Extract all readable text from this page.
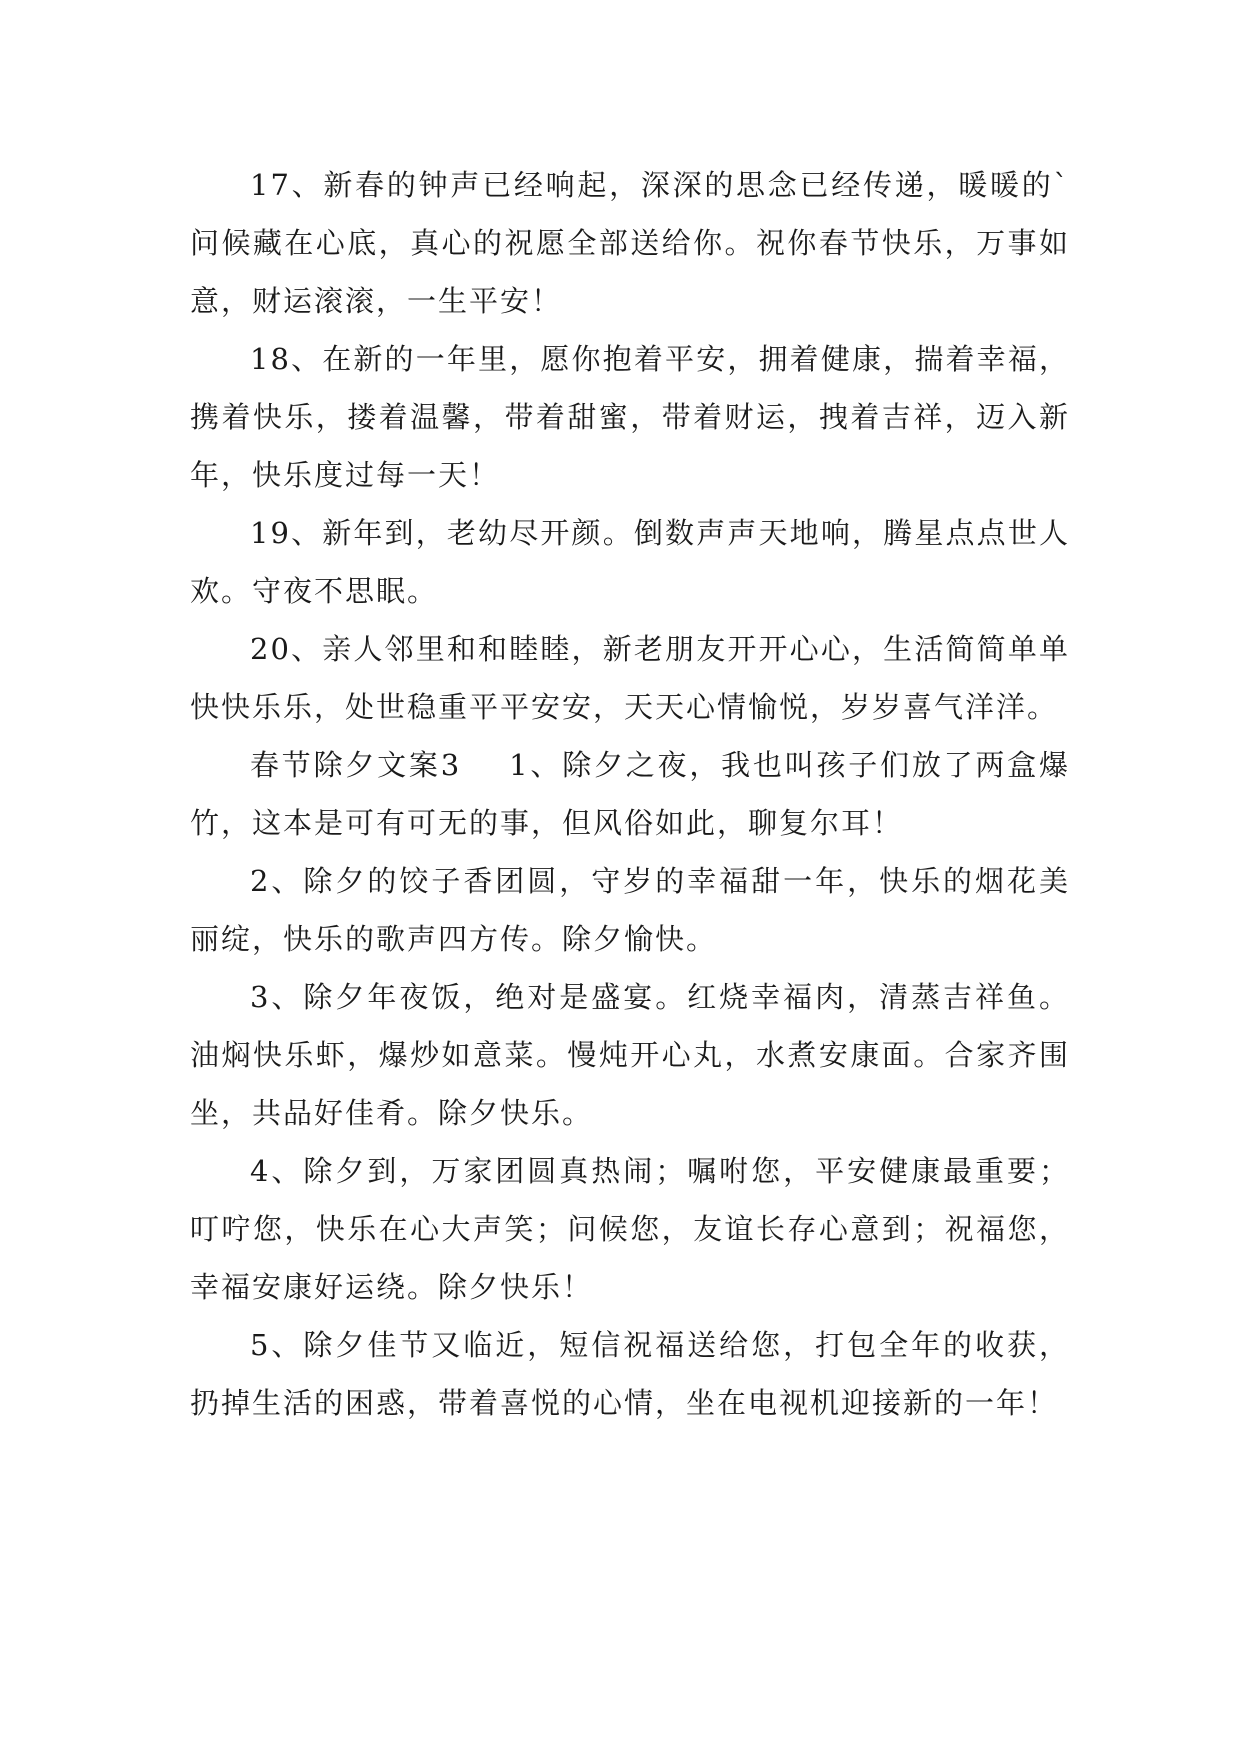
17、新春的钟声已经响起，深深的思念已经传递，暖暖的`问候藏在心底，真心的祝愿全部送给你。祝你春节快乐，万事如意，财运滚滚，一生平安！

18、在新的一年里，愿你抱着平安，拥着健康，揣着幸福，携着快乐，搂着温馨，带着甜蜜，带着财运，拽着吉祥，迈入新年，快乐度过每一天！

19、新年到，老幼尽开颜。倒数声声天地响，腾星点点世人欢。守夜不思眠。

20、亲人邻里和和睦睦，新老朋友开开心心，生活简简单单快快乐乐，处世稳重平平安安，天天心情愉悦，岁岁喜气洋洋。

春节除夕文案3 1、除夕之夜，我也叫孩子们放了两盒爆竹，这本是可有可无的事，但风俗如此，聊复尔耳！

2、除夕的饺子香团圆，守岁的幸福甜一年，快乐的烟花美丽绽，快乐的歌声四方传。除夕愉快。

3、除夕年夜饭，绝对是盛宴。红烧幸福肉，清蒸吉祥鱼。油焖快乐虾，爆炒如意菜。慢炖开心丸，水煮安康面。合家齐围坐，共品好佳肴。除夕快乐。

4、除夕到，万家团圆真热闹；嘱咐您，平安健康最重要；叮咛您，快乐在心大声笑；问候您，友谊长存心意到；祝福您，幸福安康好运绕。除夕快乐！

5、除夕佳节又临近，短信祝福送给您，打包全年的收获，扔掉生活的困惑，带着喜悦的心情，坐在电视机迎接新的一年！
